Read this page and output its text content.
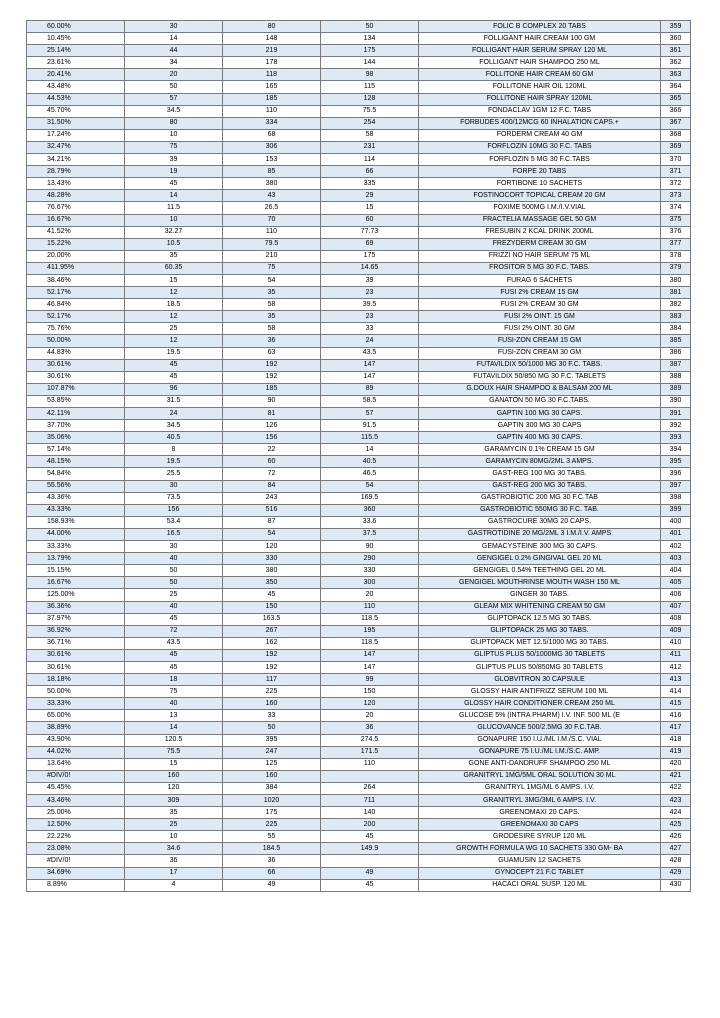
60.00%	30	80	50	FOLIC B COMPLEX 20 TABS	359
10.45%	14	148	134	FOLLIGANT HAIR CREAM 100 GM	360
25.14%	44	219	175	FOLLIGANT HAIR SERUM SPRAY 120 ML	361
23.61%	34	178	144	FOLLIGANT HAIR SHAMPOO 250 ML	362
20.41%	20	118	98	FOLLITONE HAIR CREAM 60 GM	363
43.48%	50	165	115	FOLLITONE HAIR OIL 120ML	364
44.53%	57	185	128	FOLLITONE HAIR SPRAY 120ML	365
45.70%	34.5	110	75.5	FONDACLAV 1GM 12 F.C. TABS	366
31.50%	80	334	254	FORBUDES 400/12MCG 60 INHALATION CAPS.+	367
17.24%	10	68	58	FORDERM CREAM 40 GM	368
32.47%	75	306	231	FORFLOZIN 10MG 30 F.C. TABS	369
34.21%	39	153	114	FORFLOZIN 5 MG 30 F.C.TABS	370
28.79%	19	85	66	FORPE 20 TABS	371
13.43%	45	380	335	FORTIBONE 10 SACHETS	372
48.28%	14	43	29	FOSTINOCORT TOPICAL CREAM 20 GM	373
76.67%	11.5	26.5	15	FOXIME 500MG I.M./I.V.VIAL	374
16.67%	10	70	60	FRACTELIA MASSAGE GEL 50 GM	375
41.52%	32.27	110	77.73	FRESUBIN 2 KCAL DRINK 200ML	376
15.22%	10.5	79.5	69	FREZYDERM CREAM 30 GM	377
20.00%	35	210	175	FRIZZI NO HAIR SERUM 75 ML	378
411.95%	60.35	75	14.65	FROSITOR 5 MG 30 F.C. TABS.	379
38.46%	15	54	39	FURAG 6 SACHETS	380
52.17%	12	35	23	FUSI 2% CREAM 15 GM	381
46.84%	18.5	58	39.5	FUSI 2% CREAM 30 GM	382
52.17%	12	35	23	FUSI 2% OINT. 15 GM	383
75.76%	25	58	33	FUSI 2% OINT. 30 GM	384
50.00%	12	36	24	FUSI-ZON CREAM 15 GM	385
44.83%	19.5	63	43.5	FUSI-ZON CREAM 30 GM	386
30.61%	45	192	147	FUTAVILDIX 50/1000 MG 30 F.C. TABS.	387
30.61%	45	192	147	FUTAVILDIX 50/850 MG 30 F.C. TABLETS	388
107.87%	96	185	89	G.DOUX HAIR SHAMPOO & BALSAM 200 ML	389
53.85%	31.5	90	58.5	GANATON 50 MG 30 F.C.TABS.	390
42.11%	24	81	57	GAPTIN 100 MG 30 CAPS.	391
37.70%	34.5	126	91.5	GAPTIN 300 MG 30 CAPS	392
35.06%	40.5	156	115.5	GAPTIN 400 MG 30 CAPS.	393
57.14%	8	22	14	GARAMYCIN 0.1% CREAM 15 GM	394
48.15%	19.5	60	40.5	GARAMYCIN 80MG/2ML 3 AMPS.	395
54.84%	25.5	72	46.5	GAST-REG 100 MG 30 TABS.	396
55.56%	30	84	54	GAST-REG 200 MG 30 TABS.	397
43.36%	73.5	243	169.5	GASTROBIOTIC 200 MG 30 F.C.TAB	398
43.33%	156	516	360	GASTROBIOTIC 550MG 30 F.C. TAB.	399
158.93%	53.4	87	33.6	GASTROCURE 30MG 20 CAPS.	400
44.00%	16.5	54	37.5	GASTROTIDINE 20 MG/2ML 3 I.M./I.V. AMPS	401
33.33%	30	120	90	GEMACYSTEINE 300 MG 30 CAPS.	402
13.79%	40	330	290	GENGIGEL 0.2% GINGIVAL GEL 20 ML	403
15.15%	50	380	330	GENGIGEL 0.54% TEETHING GEL 20 ML	404
16.67%	50	350	300	GENGIGEL MOUTHRINSE MOUTH WASH 150 ML	405
125.00%	25	45	20	GINGER 30 TABS.	406
36.36%	40	150	110	GLEAM MIX WHITENING CREAM 50 GM	407
37.97%	45	163.5	118.5	GLIPTOPACK 12.5 MG 30 TABS.	408
36.92%	72	267	195	GLIPTOPACK 25 MG 30 TABS.	409
36.71%	43.5	162	118.5	GLIPTOPACK MET 12.5/1000 MG 30 TABS.	410
30.61%	45	192	147	GLIPTUS PLUS 50/1000MG 30 TABLETS	411
30.61%	45	192	147	GLIPTUS PLUS 50/850MG 30 TABLETS	412
18.18%	18	117	99	GLOBVITRON 30 CAPSULE	413
50.00%	75	225	150	GLOSSY HAIR ANTIFRIZZ SERUM 100 ML	414
33.33%	40	160	120	GLOSSY HAIR CONDITIONER CREAM 250 ML	415
65.00%	13	33	20	GLUCOSE 5% (INTRA PHARM) I.V. INF. 500 ML (E	416
38.89%	14	50	36	GLUCOVANCE 500/2.5MG 30 F.C.TAB.	417
43.90%	120.5	395	274.5	GONAPURE 150 I.U./ML I.M./S.C. VIAL	418
44.02%	75.5	247	171.5	GONAPURE 75 I.U./ML I.M./S.C. AMP.	419
13.64%	15	125	110	GONE ANTI-DANDRUFF SHAMPOO 250 ML	420
#DIV/0!	160	160		GRANITRYL 1MG/5ML ORAL SOLUTION 30 ML	421
45.45%	120	384	264	GRANITRYL 1MG/ML 6 AMPS. I.V.	422
43.46%	309	1020	711	GRANITRYL 3MG/3ML 6 AMPS. I.V.	423
25.00%	35	175	140	GREENOMAXI 20 CAPS.	424
12.50%	25	225	200	GREENOMAXI 30 CAPS	425
22.22%	10	55	45	GRODESIRE SYRUP 120 ML	426
23.08%	34.6	184.5	149.9	GROWTH FORMULA WG 10 SACHETS 330 GM- BA	427
#DIV/0!	36	36		GUAMUSIN 12 SACHETS	428
34.69%	17	66	49	GYNOCEPT 21 F.C TABLET	429
8.89%	4	49	45	HACACI ORAL SUSP. 120 ML	430
